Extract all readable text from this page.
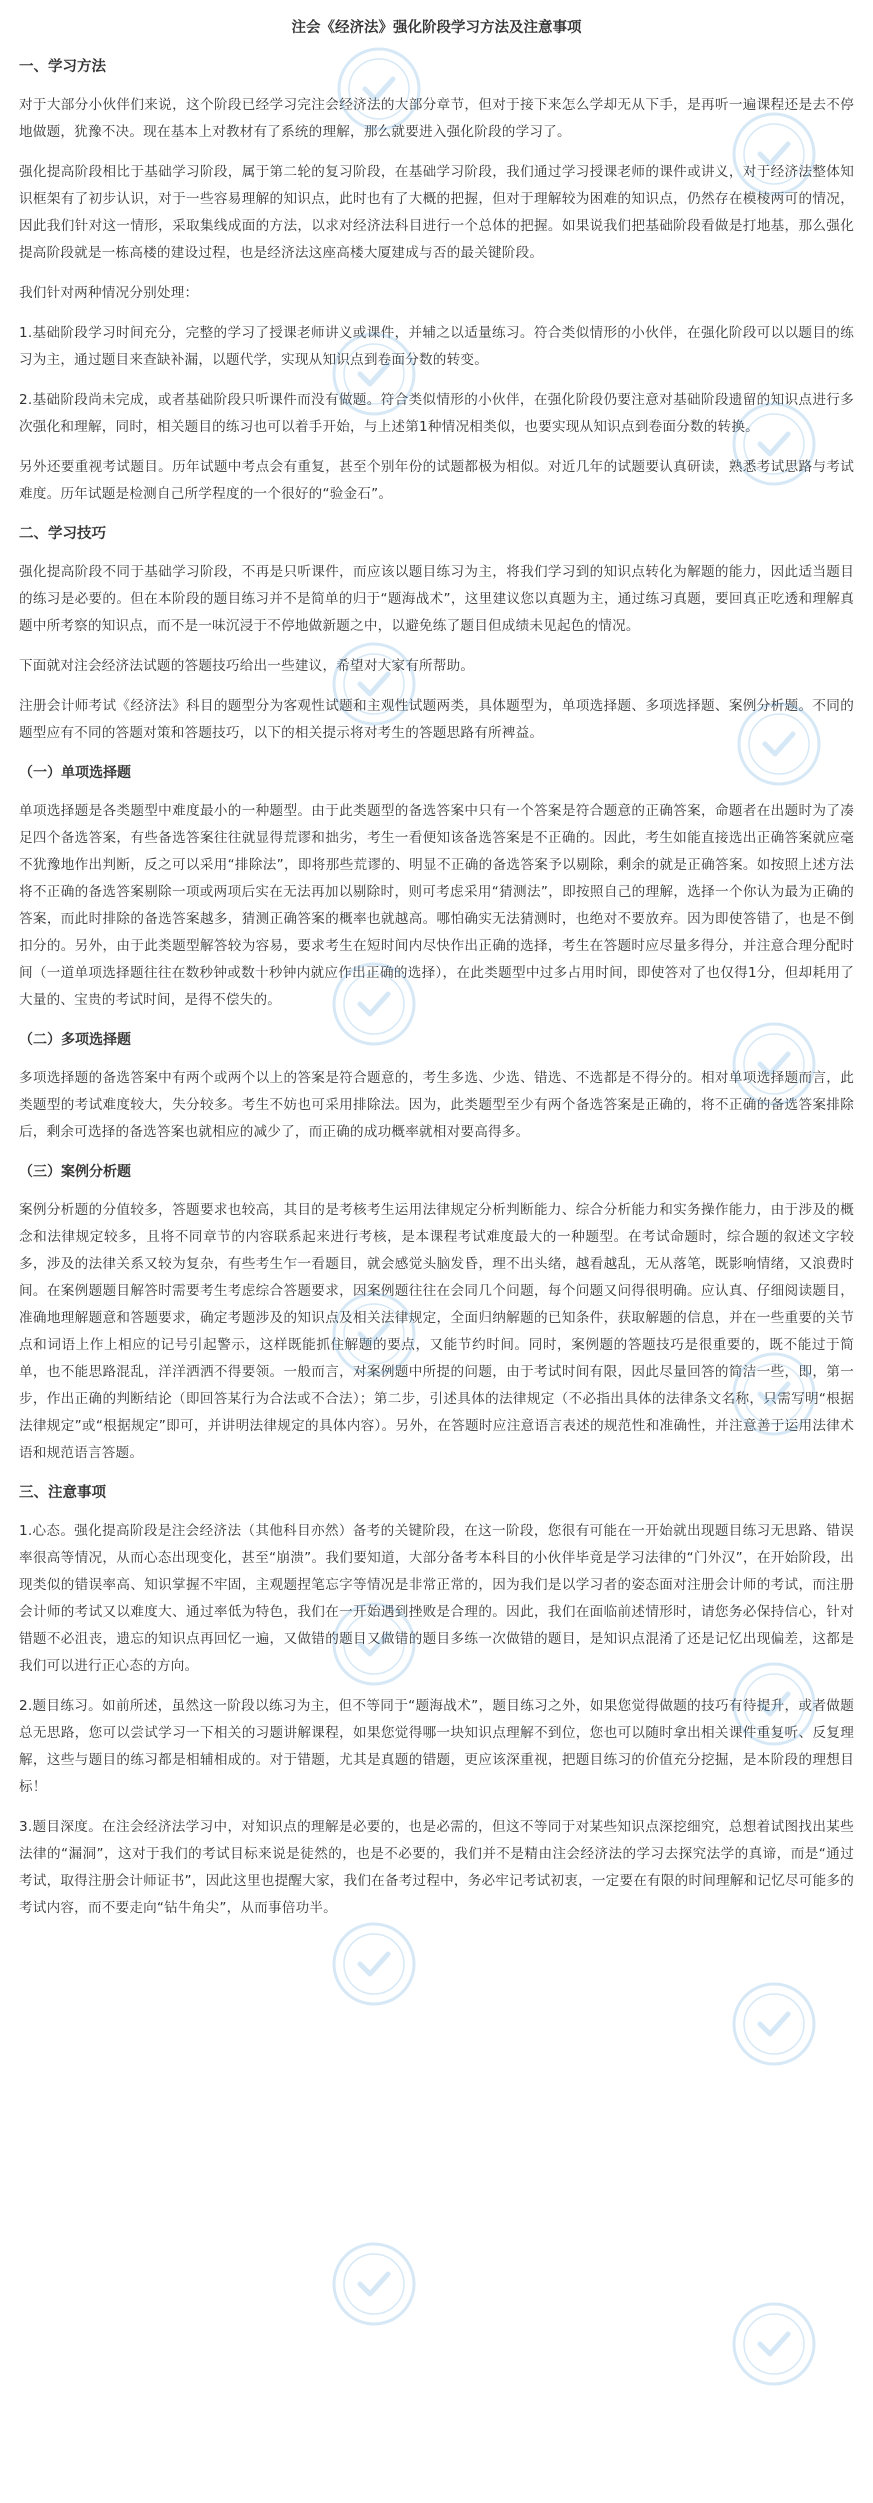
注会《经济法》强化阶段学习方法及注意事项
一、学习方法

对于大部分小伙伴们来说，这个阶段已经学习完注会经济法的大部分章节，但对于接下来怎么学却无从下手，是再听一遍课程还是去不停地做题，犹豫不决。现在基本上对教材有了系统的理解，那么就要进入强化阶段的学习了。

强化提高阶段相比于基础学习阶段，属于第二轮的复习阶段，在基础学习阶段，我们通过学习授课老师的课件或讲义，对于经济法整体知识框架有了初步认识，对于一些容易理解的知识点，此时也有了大概的把握，但对于理解较为困难的知识点，仍然存在模棱两可的情况，因此我们针对这一情形，采取集线成面的方法，以求对经济法科目进行一个总体的把握。如果说我们把基础阶段看做是打地基，那么强化提高阶段就是一栋高楼的建设过程，也是经济法这座高楼大厦建成与否的最关键阶段。

我们针对两种情况分别处理：

1.基础阶段学习时间充分，完整的学习了授课老师讲义或课件，并辅之以适量练习。符合类似情形的小伙伴，在强化阶段可以以题目的练习为主，通过题目来查缺补漏，以题代学，实现从知识点到卷面分数的转变。

2.基础阶段尚未完成，或者基础阶段只听课件而没有做题。符合类似情形的小伙伴，在强化阶段仍要注意对基础阶段遗留的知识点进行多次强化和理解，同时，相关题目的练习也可以着手开始，与上述第1种情况相类似，也要实现从知识点到卷面分数的转换。

另外还要重视考试题目。历年试题中考点会有重复，甚至个别年份的试题都极为相似。对近几年的试题要认真研读，熟悉考试思路与考试难度。历年试题是检测自己所学程度的一个很好的“验金石”。

二、学习技巧

强化提高阶段不同于基础学习阶段，不再是只听课件，而应该以题目练习为主，将我们学习到的知识点转化为解题的能力，因此适当题目的练习是必要的。但在本阶段的题目练习并不是简单的归于“题海战术”，这里建议您以真题为主，通过练习真题，要回真正吃透和理解真题中所考察的知识点，而不是一味沉浸于不停地做新题之中，以避免练了题目但成绩未见起色的情况。

下面就对注会经济法试题的答题技巧给出一些建议，希望对大家有所帮助。

注册会计师考试《经济法》科目的题型分为客观性试题和主观性试题两类，具体题型为，单项选择题、多项选择题、案例分析题。不同的题型应有不同的答题对策和答题技巧，以下的相关提示将对考生的答题思路有所裨益。

（一）单项选择题

单项选择题是各类题型中难度最小的一种题型。由于此类题型的备选答案中只有一个答案是符合题意的正确答案，命题者在出题时为了凑足四个备选答案，有些备选答案往往就显得荒谬和拙劣，考生一看便知该备选答案是不正确的。因此，考生如能直接选出正确答案就应毫不犹豫地作出判断，反之可以采用“排除法”，即将那些荒谬的、明显不正确的备选答案予以剔除，剩余的就是正确答案。如按照上述方法将不正确的备选答案剔除一项或两项后实在无法再加以剔除时，则可考虑采用“猜测法”，即按照自己的理解，选择一个你认为最为正确的答案，而此时排除的备选答案越多，猜测正确答案的概率也就越高。哪怕确实无法猜测时，也绝对不要放弃。因为即使答错了，也是不倒扣分的。另外，由于此类题型解答较为容易，要求考生在短时间内尽快作出正确的选择，考生在答题时应尽量多得分，并注意合理分配时间（一道单项选择题往往在数秒钟或数十秒钟内就应作出正确的选择），在此类题型中过多占用时间，即使答对了也仅得1分，但却耗用了大量的、宝贵的考试时间，是得不偿失的。

（二）多项选择题

多项选择题的备选答案中有两个或两个以上的答案是符合题意的，考生多选、少选、错选、不选都是不得分的。相对单项选择题而言，此类题型的考试难度较大，失分较多。考生不妨也可采用排除法。因为，此类题型至少有两个备选答案是正确的，将不正确的备选答案排除后，剩余可选择的备选答案也就相应的减少了，而正确的成功概率就相对要高得多。

（三）案例分析题

案例分析题的分值较多，答题要求也较高，其目的是考核考生运用法律规定分析判断能力、综合分析能力和实务操作能力，由于涉及的概念和法律规定较多，且将不同章节的内容联系起来进行考核，是本课程考试难度最大的一种题型。在考试命题时，综合题的叙述文字较多，涉及的法律关系又较为复杂，有些考生乍一看题目，就会感觉头脑发昏，理不出头绪，越看越乱，无从落笔，既影响情绪，又浪费时间。在案例题题目解答时需要考生考虑综合答题要求，因案例题往往在会同几个问题，每个问题又问得很明确。应认真、仔细阅读题目，准确地理解题意和答题要求，确定考题涉及的知识点及相关法律规定，全面归纳解题的已知条件，获取解题的信息，并在一些重要的关节点和词语上作上相应的记号引起警示，这样既能抓住解题的要点，又能节约时间。同时，案例题的答题技巧是很重要的，既不能过于简单，也不能思路混乱，洋洋洒洒不得要领。一般而言，对案例题中所提的问题，由于考试时间有限，因此尽量回答的简洁一些，即，第一步，作出正确的判断结论（即回答某行为合法或不合法）；第二步，引述具体的法律规定（不必指出具体的法律条文名称，只需写明“根据法律规定”或“根据规定”即可，并讲明法律规定的具体内容）。另外，在答题时应注意语言表述的规范性和准确性，并注意善于运用法律术语和规范语言答题。

三、注意事项

1.心态。强化提高阶段是注会经济法（其他科目亦然）备考的关键阶段，在这一阶段，您很有可能在一开始就出现题目练习无思路、错误率很高等情况，从而心态出现变化，甚至“崩溃”。我们要知道，大部分备考本科目的小伙伴毕竟是学习法律的“门外汉”，在开始阶段，出现类似的错误率高、知识掌握不牢固，主观题捏笔忘字等情况是非常正常的，因为我们是以学习者的姿态面对注册会计师的考试，而注册会计师的考试又以难度大、通过率低为特色，我们在一开始遇到挫败是合理的。因此，我们在面临前述情形时，请您务必保持信心，针对错题不必沮丧，遗忘的知识点再回忆一遍，又做错的题目又做错的题目多练一次做错的题目，是知识点混淆了还是记忆出现偏差，这都是我们可以进行正心态的方向。

2.题目练习。如前所述，虽然这一阶段以练习为主，但不等同于“题海战术”，题目练习之外，如果您觉得做题的技巧有待提升，或者做题总无思路，您可以尝试学习一下相关的习题讲解课程，如果您觉得哪一块知识点理解不到位，您也可以随时拿出相关课件重复听、反复理解，这些与题目的练习都是相辅相成的。对于错题，尤其是真题的错题，更应该深重视，把题目练习的价值充分挖掘，是本阶段的理想目标！

3.题目深度。在注会经济法学习中，对知识点的理解是必要的，也是必需的，但这不等同于对某些知识点深挖细究，总想着试图找出某些法律的“漏洞”，这对于我们的考试目标来说是徒然的，也是不必要的，我们并不是精由注会经济法的学习去探究法学的真谛，而是“通过考试，取得注册会计师证书”，因此这里也提醒大家，我们在备考过程中，务必牢记考试初衷，一定要在有限的时间理解和记忆尽可能多的考试内容，而不要走向“钻牛角尖”，从而事倍功半。
